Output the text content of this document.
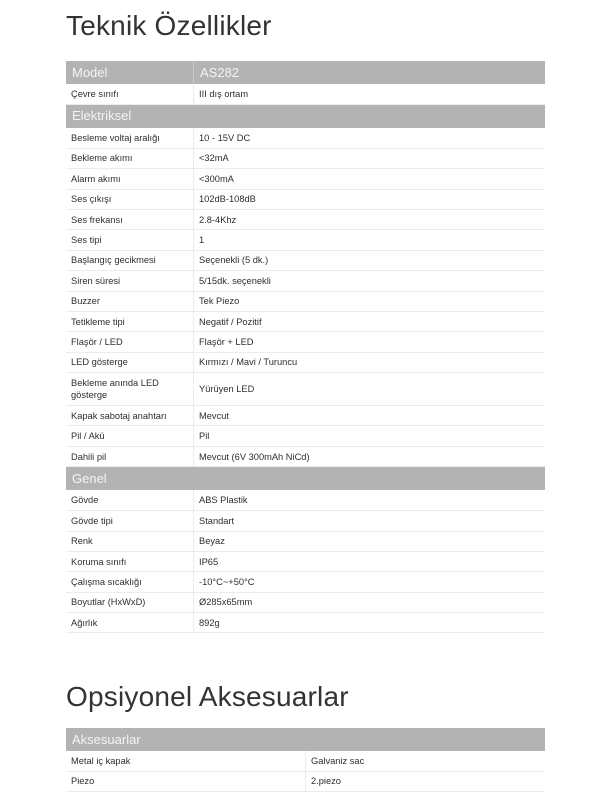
Teknik Özellikler
Model	AS282
Çevre sınıfı	III dış ortam
Elektriksel	
Besleme voltaj aralığı	10 - 15V DC
Bekleme akımı	<32mA
Alarm akımı	<300mA
Ses çıkışı	102dB-108dB
Ses frekansı	2.8-4Khz
Ses tipi	1
Başlangıç gecikmesi	Seçenekli (5 dk.)
Siren süresi	5/15dk. seçenekli
Buzzer	Tek Piezo
Tetikleme tipi	Negatif / Pozitif
Flaşör / LED	Flaşör + LED
LED gösterge	Kırmızı / Mavi / Turuncu
Bekleme anında LED gösterge	Yürüyen LED
Kapak sabotaj anahtarı	Mevcut
Pil / Akü	Pil
Dahili pil	Mevcut (6V 300mAh NiCd)
Genel	
Gövde	ABS Plastik
Gövde tipi	Standart
Renk	Beyaz
Koruma sınıfı	IP65
Çalışma sıcaklığı	-10°C~+50°C
Boyutlar (HxWxD)	Ø285x65mm
Ağırlık	892g
Opsiyonel Aksesuarlar
Aksesuarlar	
Metal iç kapak	Galvaniz sac
Piezo	2.piezo
